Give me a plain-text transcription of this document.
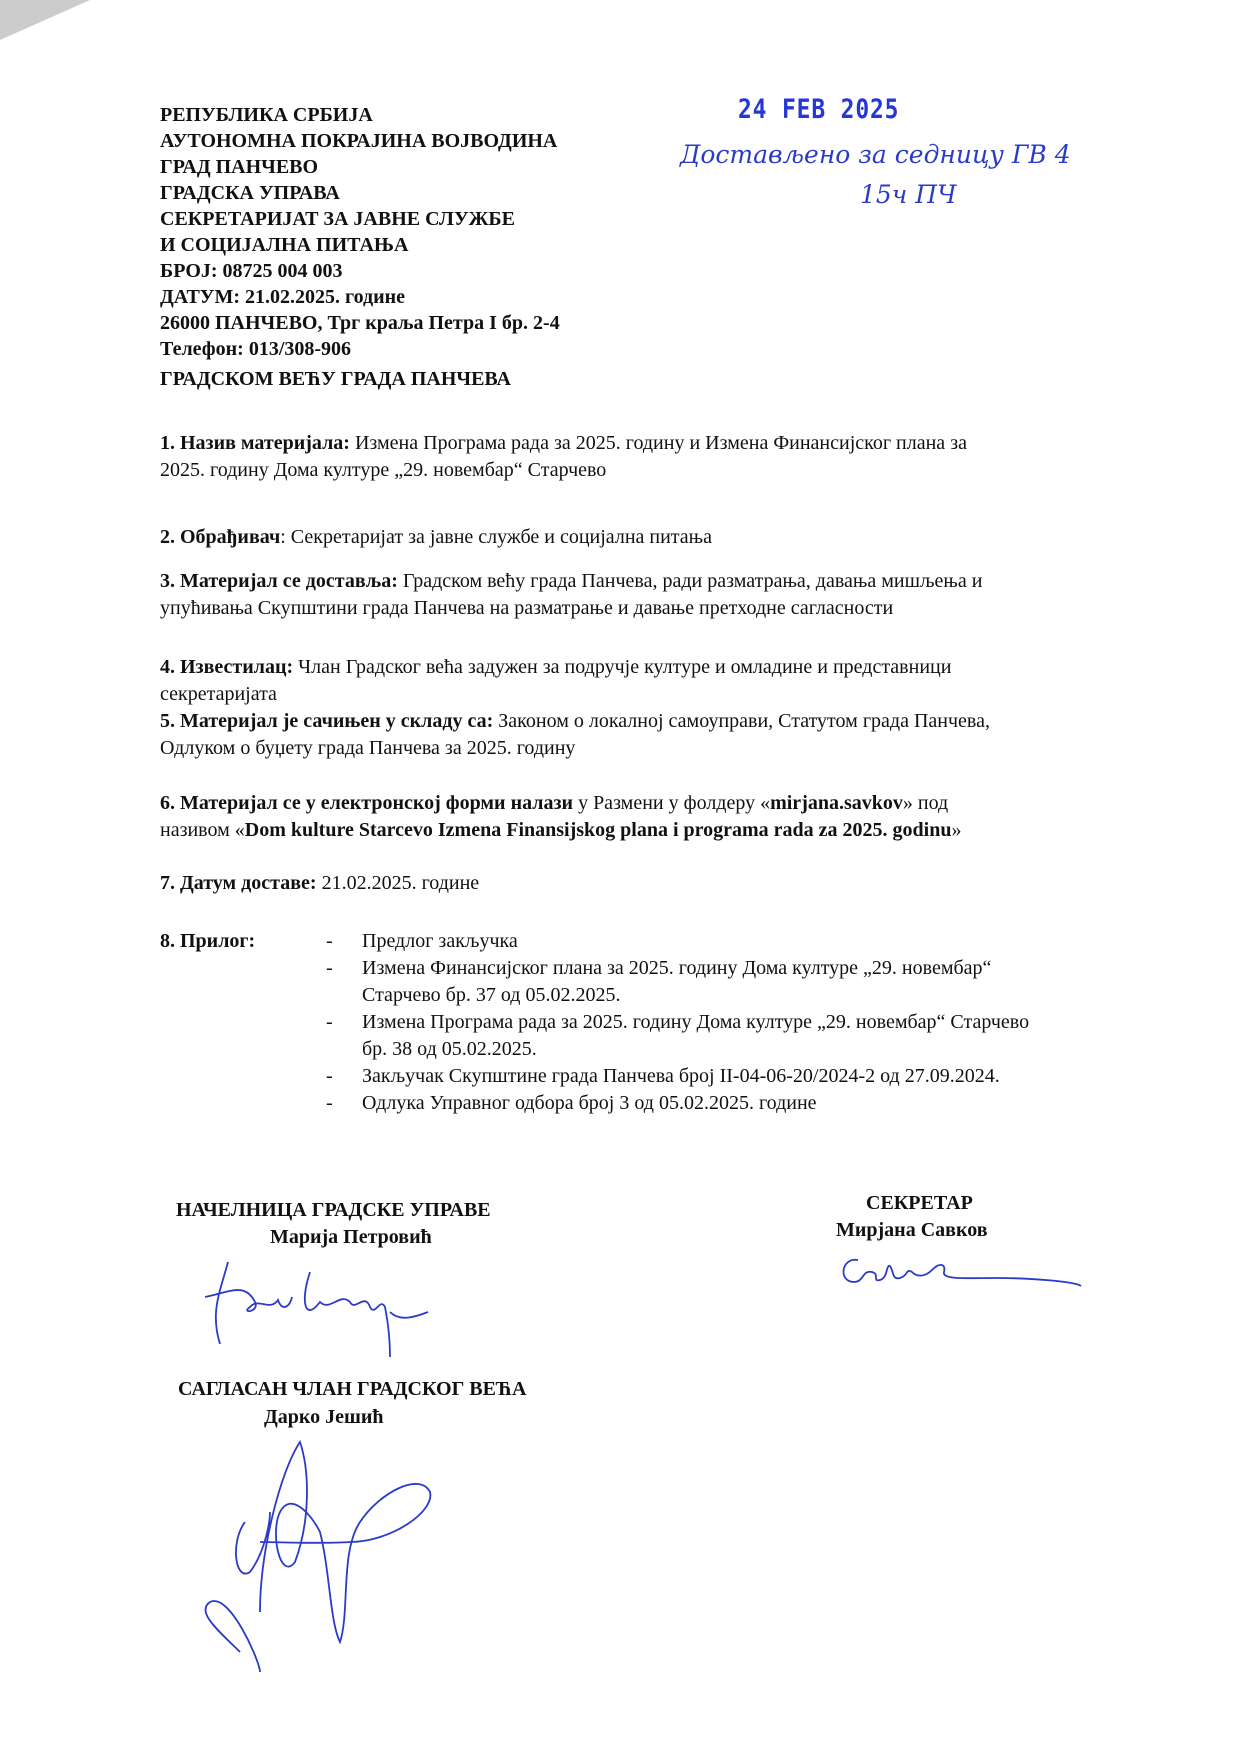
РЕПУБЛИКА СРБИЈА
АУТОНОМНА ПОКРАЈИНА ВОЈВОДИНА
ГРАД ПАНЧЕВО
ГРАДСКА УПРАВА
СЕКРЕТАРИЈАТ ЗА ЈАВНЕ СЛУЖБЕ
И СОЦИЈАЛНА ПИТАЊА
БРОЈ: 08725 004 003
ДАТУМ: 21.02.2025. године
26000 ПАНЧЕВО, Трг краља Петра I бр. 2-4
Телефон: 013/308-906
24 FEB 2025
Достављено за седницу ГВ 4
15ч ПЧ
ГРАДСКОМ ВЕЋУ ГРАДА ПАНЧЕВА
1. Назив материјала: Измена Програма рада за 2025. годину и Измена Финансијског плана за
2025. годину Дома културе „29. новембар“ Старчево
2. Обрађивач: Секретаријат за јавне службе и социјална питања
3. Материјал се доставља: Градском већу града Панчева, ради разматрања, давања мишљења и
упућивања Скупштини града Панчева на разматрање и давање претходне сагласности
4. Известилац: Члан Градског већа задужен за подручје културе и омладине и представници
секретаријата
5. Материјал је сачињен у складу са: Законом о локалној самоуправи, Статутом града Панчева,
Одлуком о буџету града Панчева за 2025. годину
6. Материјал се у електронској форми налази у Размени у фолдеру «mirjana.savkov» под
називом «Dom kulture Starcevo Izmena Finansijskog plana i programa rada za 2025. godinu»
7. Датум доставе: 21.02.2025. године
8. Прилог:	- Предлог закључка
- Измена Финансијског плана за 2025. годину Дома културе „29. новембар“
Старчево бр. 37 од 05.02.2025.
- Измена Програма рада за 2025. годину Дома културе „29. новембар“ Старчево
бр. 38 од 05.02.2025.
- Закључак Скупштине града Панчева број II-04-06-20/2024-2 од 27.09.2024.
- Одлука Управног одбора број 3 од 05.02.2025. године
НАЧЕЛНИЦА ГРАДСКЕ УПРАВЕ
Марија Петровић
СЕКРЕТАР
Мирјана Савков
САГЛАСАН ЧЛАН ГРАДСКОГ ВЕЋА
Дарко Јешић
